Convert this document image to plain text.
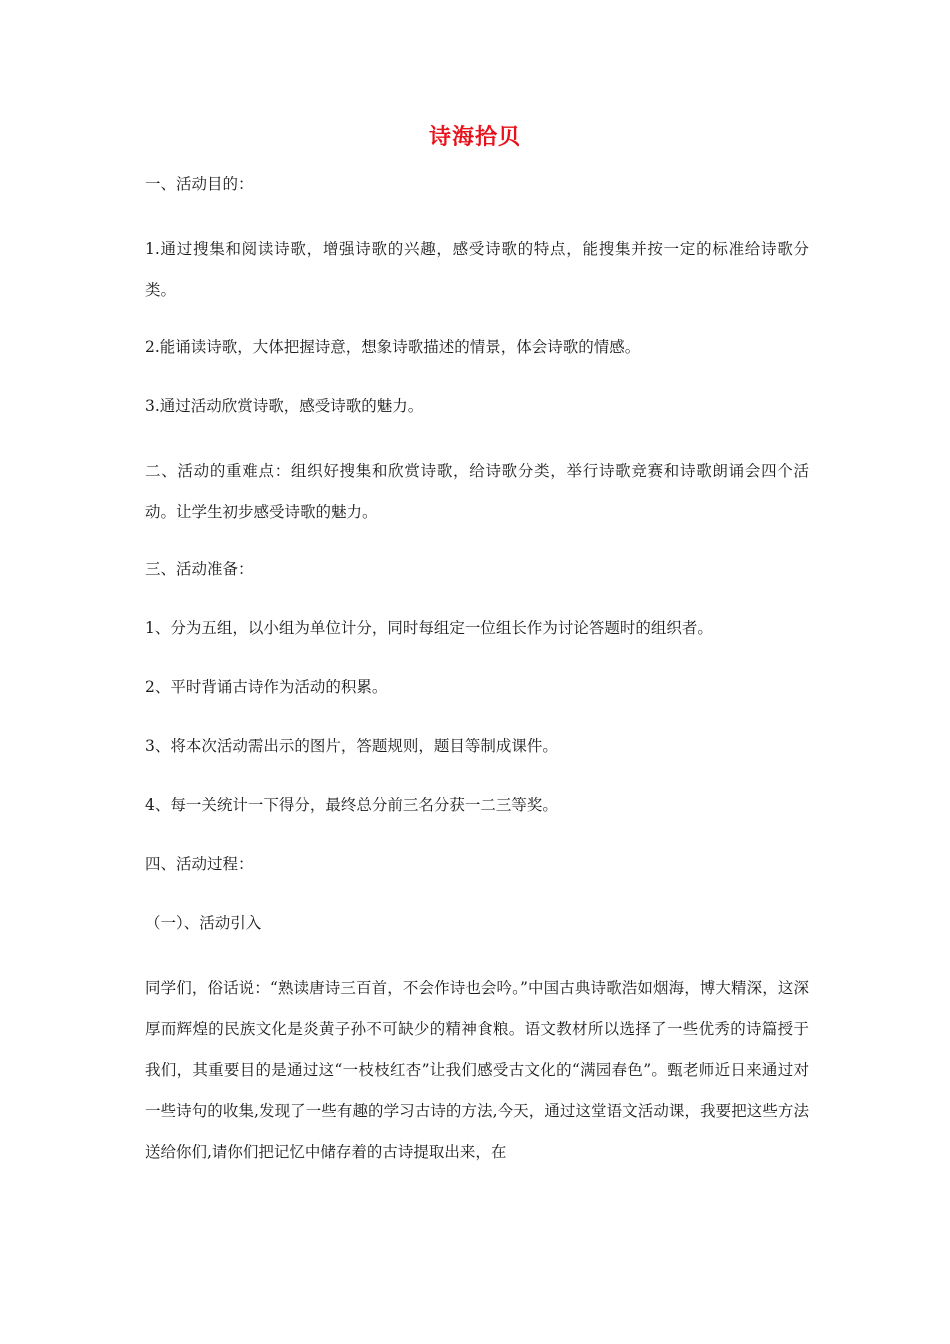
诗海拾贝

一、活动目的：

1.通过搜集和阅读诗歌，增强诗歌的兴趣，感受诗歌的特点，能搜集并按一定的标准给诗歌分类。

2.能诵读诗歌，大体把握诗意，想象诗歌描述的情景，体会诗歌的情感。

3.通过活动欣赏诗歌，感受诗歌的魅力。

二、活动的重难点：组织好搜集和欣赏诗歌，给诗歌分类，举行诗歌竞赛和诗歌朗诵会四个活动。让学生初步感受诗歌的魅力。

三、活动准备：

1、分为五组，以小组为单位计分，同时每组定一位组长作为讨论答题时的组织者。

2、平时背诵古诗作为活动的积累。

3、将本次活动需出示的图片，答题规则，题目等制成课件。

4、每一关统计一下得分，最终总分前三名分获一二三等奖。

四、活动过程：

（一）、活动引入

同学们，俗话说：“熟读唐诗三百首，不会作诗也会吟。”中国古典诗歌浩如烟海，博大精深，这深厚而辉煌的民族文化是炎黄子孙不可缺少的精神食粮。语文教材所以选择了一些优秀的诗篇授于我们，其重要目的是通过这“一枝枝红杏”让我们感受古文化的“满园春色”。甄老师近日来通过对一些诗句的收集,发现了一些有趣的学习古诗的方法,今天，通过这堂语文活动课，我要把这些方法送给你们,请你们把记忆中储存着的古诗提取出来，在
